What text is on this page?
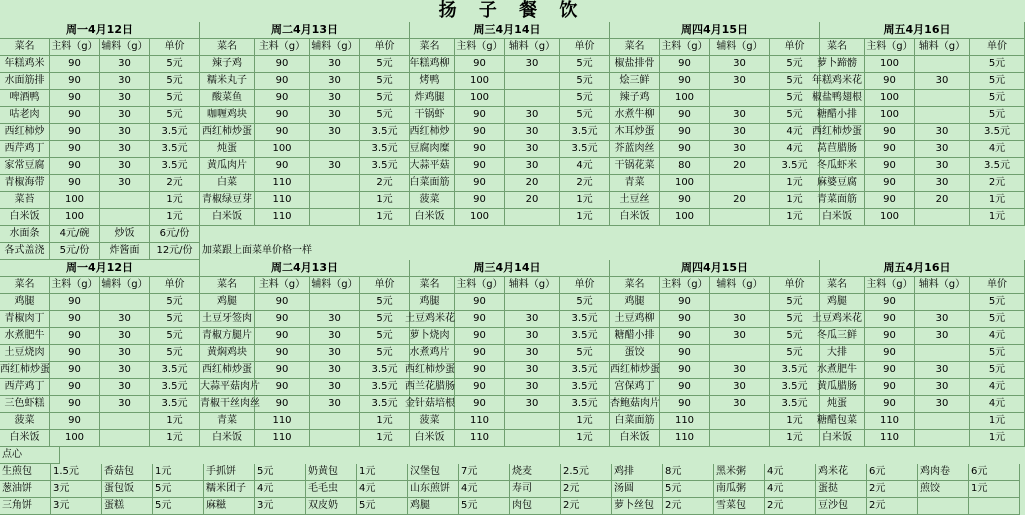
扬 子 餐 饮
周一4月12日
菜名	主料（g） 辅料（g）	单价
年糕鸡米	90	30	5元
水面筋排	90	30	5元
啤酒鸭	90	30	5元
咕老肉	90	30	5元
西红柿炒	90	30	3.5元
西芹鸡丁	90	30	3.5元
家常豆腐	90	30	3.5元
青椒海带	90	30	2元
菜苔	100	1元
白米饭	100	1元
周二4月13日
菜名	主料（g） 辅料（g）	单价
辣子鸡	90	30	5元
糯米丸子	90	30	5元
酸菜鱼	90	30	5元
咖喱鸡块	90	30	5元
西红柿炒蛋	90	30	3.5元
炖蛋	100	3.5元
黄瓜肉片	90	30	3.5元
白菜	110	2元
青椒绿豆芽	110	1元
白米饭	110	1元
周三4月14日
菜名	主料（g） 辅料（g）	单价
年糕鸡柳	90	30	5元
烤鸭	100	5元
炸鸡腿	100	5元
干锅虾	90	30	5元
西红柿炒	90	30	3.5元
豆腐肉糜	90	30	3.5元
大蒜平菇	90	30	4元
白菜面筋	90	20	2元
菠菜	90	20	1元
白米饭	100	1元
周四4月15日
菜名	主料（g） 辅料（g）	单价
椒盐排骨	90	30	5元
烩三鲜	90	30	5元
辣子鸡	100	5元
水煮牛柳	90	30	5元
木耳炒蛋	90	30	4元
芥蓝肉丝	90	30	4元
干锅花菜	80	20	3.5元
青菜	100	1元
土豆丝	90	20	1元
白米饭	100	1元
周五4月16日
菜名	主料（g） 辅料（g）	单价
萝卜蹄髈	100	5元
年糕鸡米花	90	30	5元
椒盐鸭翅根	100	5元
糖醋小排	100	5元
西红柿炒蛋	90	30	3.5元
莴苣腊肠	90	30	4元
冬瓜虾米	90	30	3.5元
麻婆豆腐	90	30	2元
青菜面筋	90	20	1元
白米饭	100	1元
水面条	4元/碗	炒饭	6元/份
各式盖浇	5元/份	炸酱面	12元/份 加菜跟上面菜单价格一样
周一4月12日
菜名	主料（g） 辅料（g）	单价
鸡腿	90	5元
青椒肉丁	90	30	5元
水煮肥牛	90	30	5元
土豆烧肉	90	30	5元
西红柿炒蛋	90	30	3.5元
西芹鸡丁	90	30	3.5元
三色虾糕	90	30	3.5元
菠菜	90	1元
白米饭	100	1元
周二4月13日
菜名	主料（g） 辅料（g）	单价
鸡腿	90	5元
土豆牙签肉	90	30	5元
青椒方腿片	90	30	5元
黄焖鸡块	90	30	5元
西红柿炒蛋	90	30	3.5元
大蒜平菇肉片	90	30	3.5元
青椒干丝肉丝	90	30	3.5元
青菜	110	1元
白米饭	110	1元
周三4月14日
菜名	主料（g） 辅料（g）	单价
鸡腿	90	5元
土豆鸡米花	90	30	3.5元
萝卜烧肉	90	30	3.5元
水煮鸡片	90	30	5元
西红柿炒蛋	90	30	3.5元
西兰花腊肠	90	30	3.5元
金针菇培根	90	30	3.5元
菠菜	110	1元
白米饭	110	1元
周四4月15日
菜名	主料（g） 辅料（g）	单价
鸡腿	90	5元
土豆鸡柳	90	30	5元
糖醋小排	90	30	5元
蛋饺	90	5元
西红柿炒蛋	90	30	3.5元
宫保鸡丁	90	30	3.5元
杏鲍菇肉片	90	30	3.5元
白菜面筋	110	1元
白米饭	110	1元
周五4月16日
菜名	主料（g） 辅料（g）	单价
鸡腿	90	5元
土豆鸡米花	90	30	5元
冬瓜三鲜	90	30	4元
大排	90	5元
水煮肥牛	90	30	5元
黄瓜腊肠	90	30	4元
炖蛋	90	30	4元
糖醋包菜	110	1元
白米饭	110	1元
点心
生煎包	1.5元	香菇包	1元	手抓饼	5元	奶黄包	1元	汉堡包	7元	烧麦	2.5元	鸡排	8元	黑米粥	4元	鸡米花	6元	鸡肉卷	6元
葱油饼	3元	蛋包饭	5元	糯米团子	4元	毛毛虫	4元	山东煎饼	4元	寿司	2元	汤圆	5元	南瓜粥	4元	蛋挞	2元	煎饺	1元
三角饼	3元	蛋糕	5元	麻糍	3元	双皮奶	5元	鸡腿	5元	肉包	2元	萝卜丝包	2元	雪菜包	2元	豆沙包	2元
